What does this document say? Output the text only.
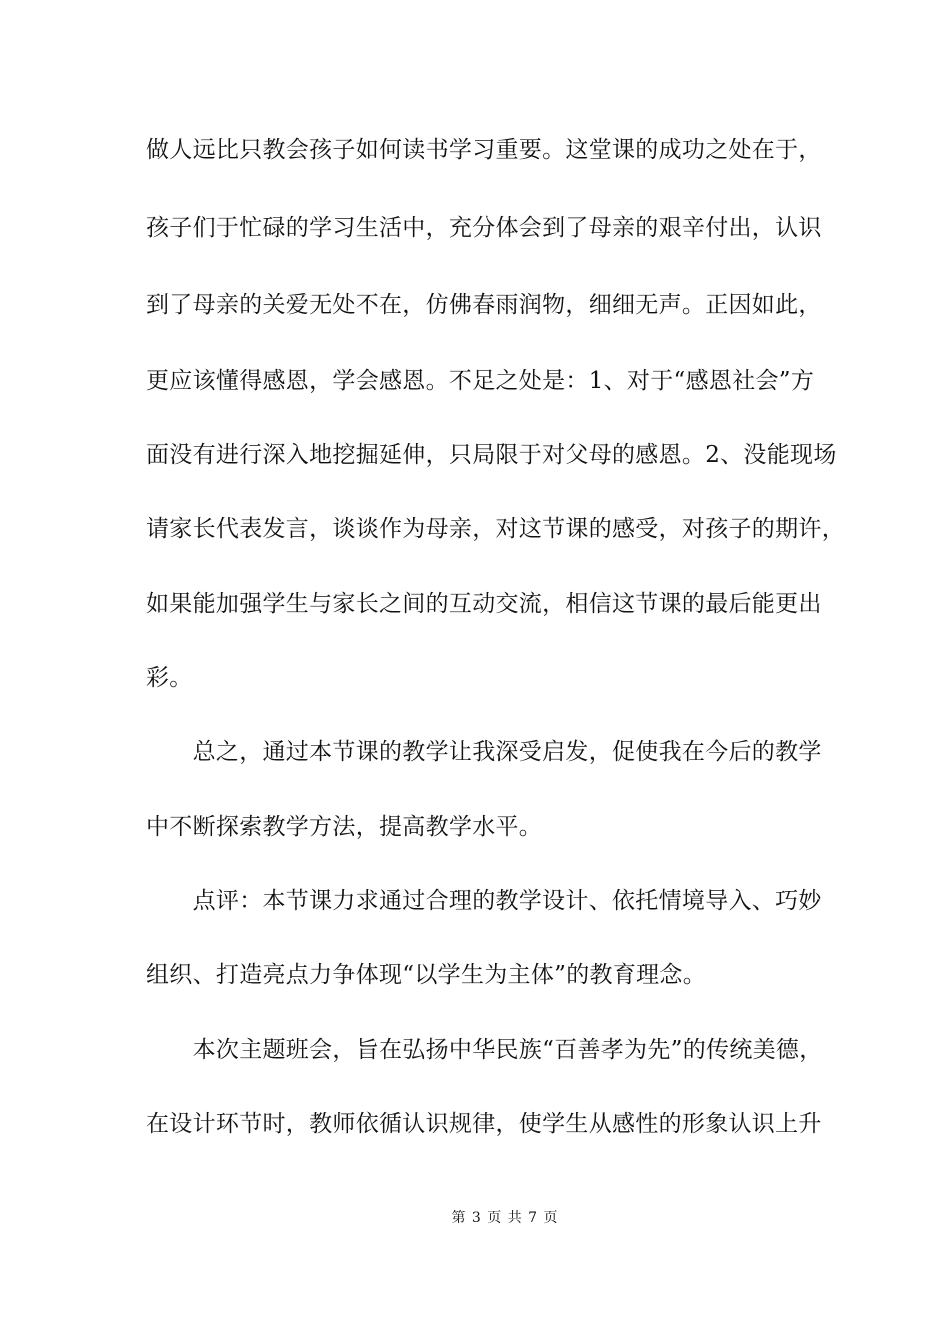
做人远比只教会孩子如何读书学习重要。这堂课的成功之处在于，
孩子们于忙碌的学习生活中，充分体会到了母亲的艰辛付出，认识
到了母亲的关爱无处不在，仿佛春雨润物，细细无声。正因如此，
更应该懂得感恩，学会感恩。不足之处是：1、对于“感恩社会”方
面没有进行深入地挖掘延伸，只局限于对父母的感恩。2、没能现场
请家长代表发言，谈谈作为母亲，对这节课的感受，对孩子的期许，
如果能加强学生与家长之间的互动交流，相信这节课的最后能更出
彩。
　　总之，通过本节课的教学让我深受启发，促使我在今后的教学
中不断探索教学方法，提高教学水平。
　　点评：本节课力求通过合理的教学设计、依托情境导入、巧妙
组织、打造亮点力争体现“以学生为主体”的教育理念。
　　本次主题班会，旨在弘扬中华民族“百善孝为先”的传统美德，
在设计环节时，教师依循认识规律，使学生从感性的形象认识上升
第 3 页 共 7 页
